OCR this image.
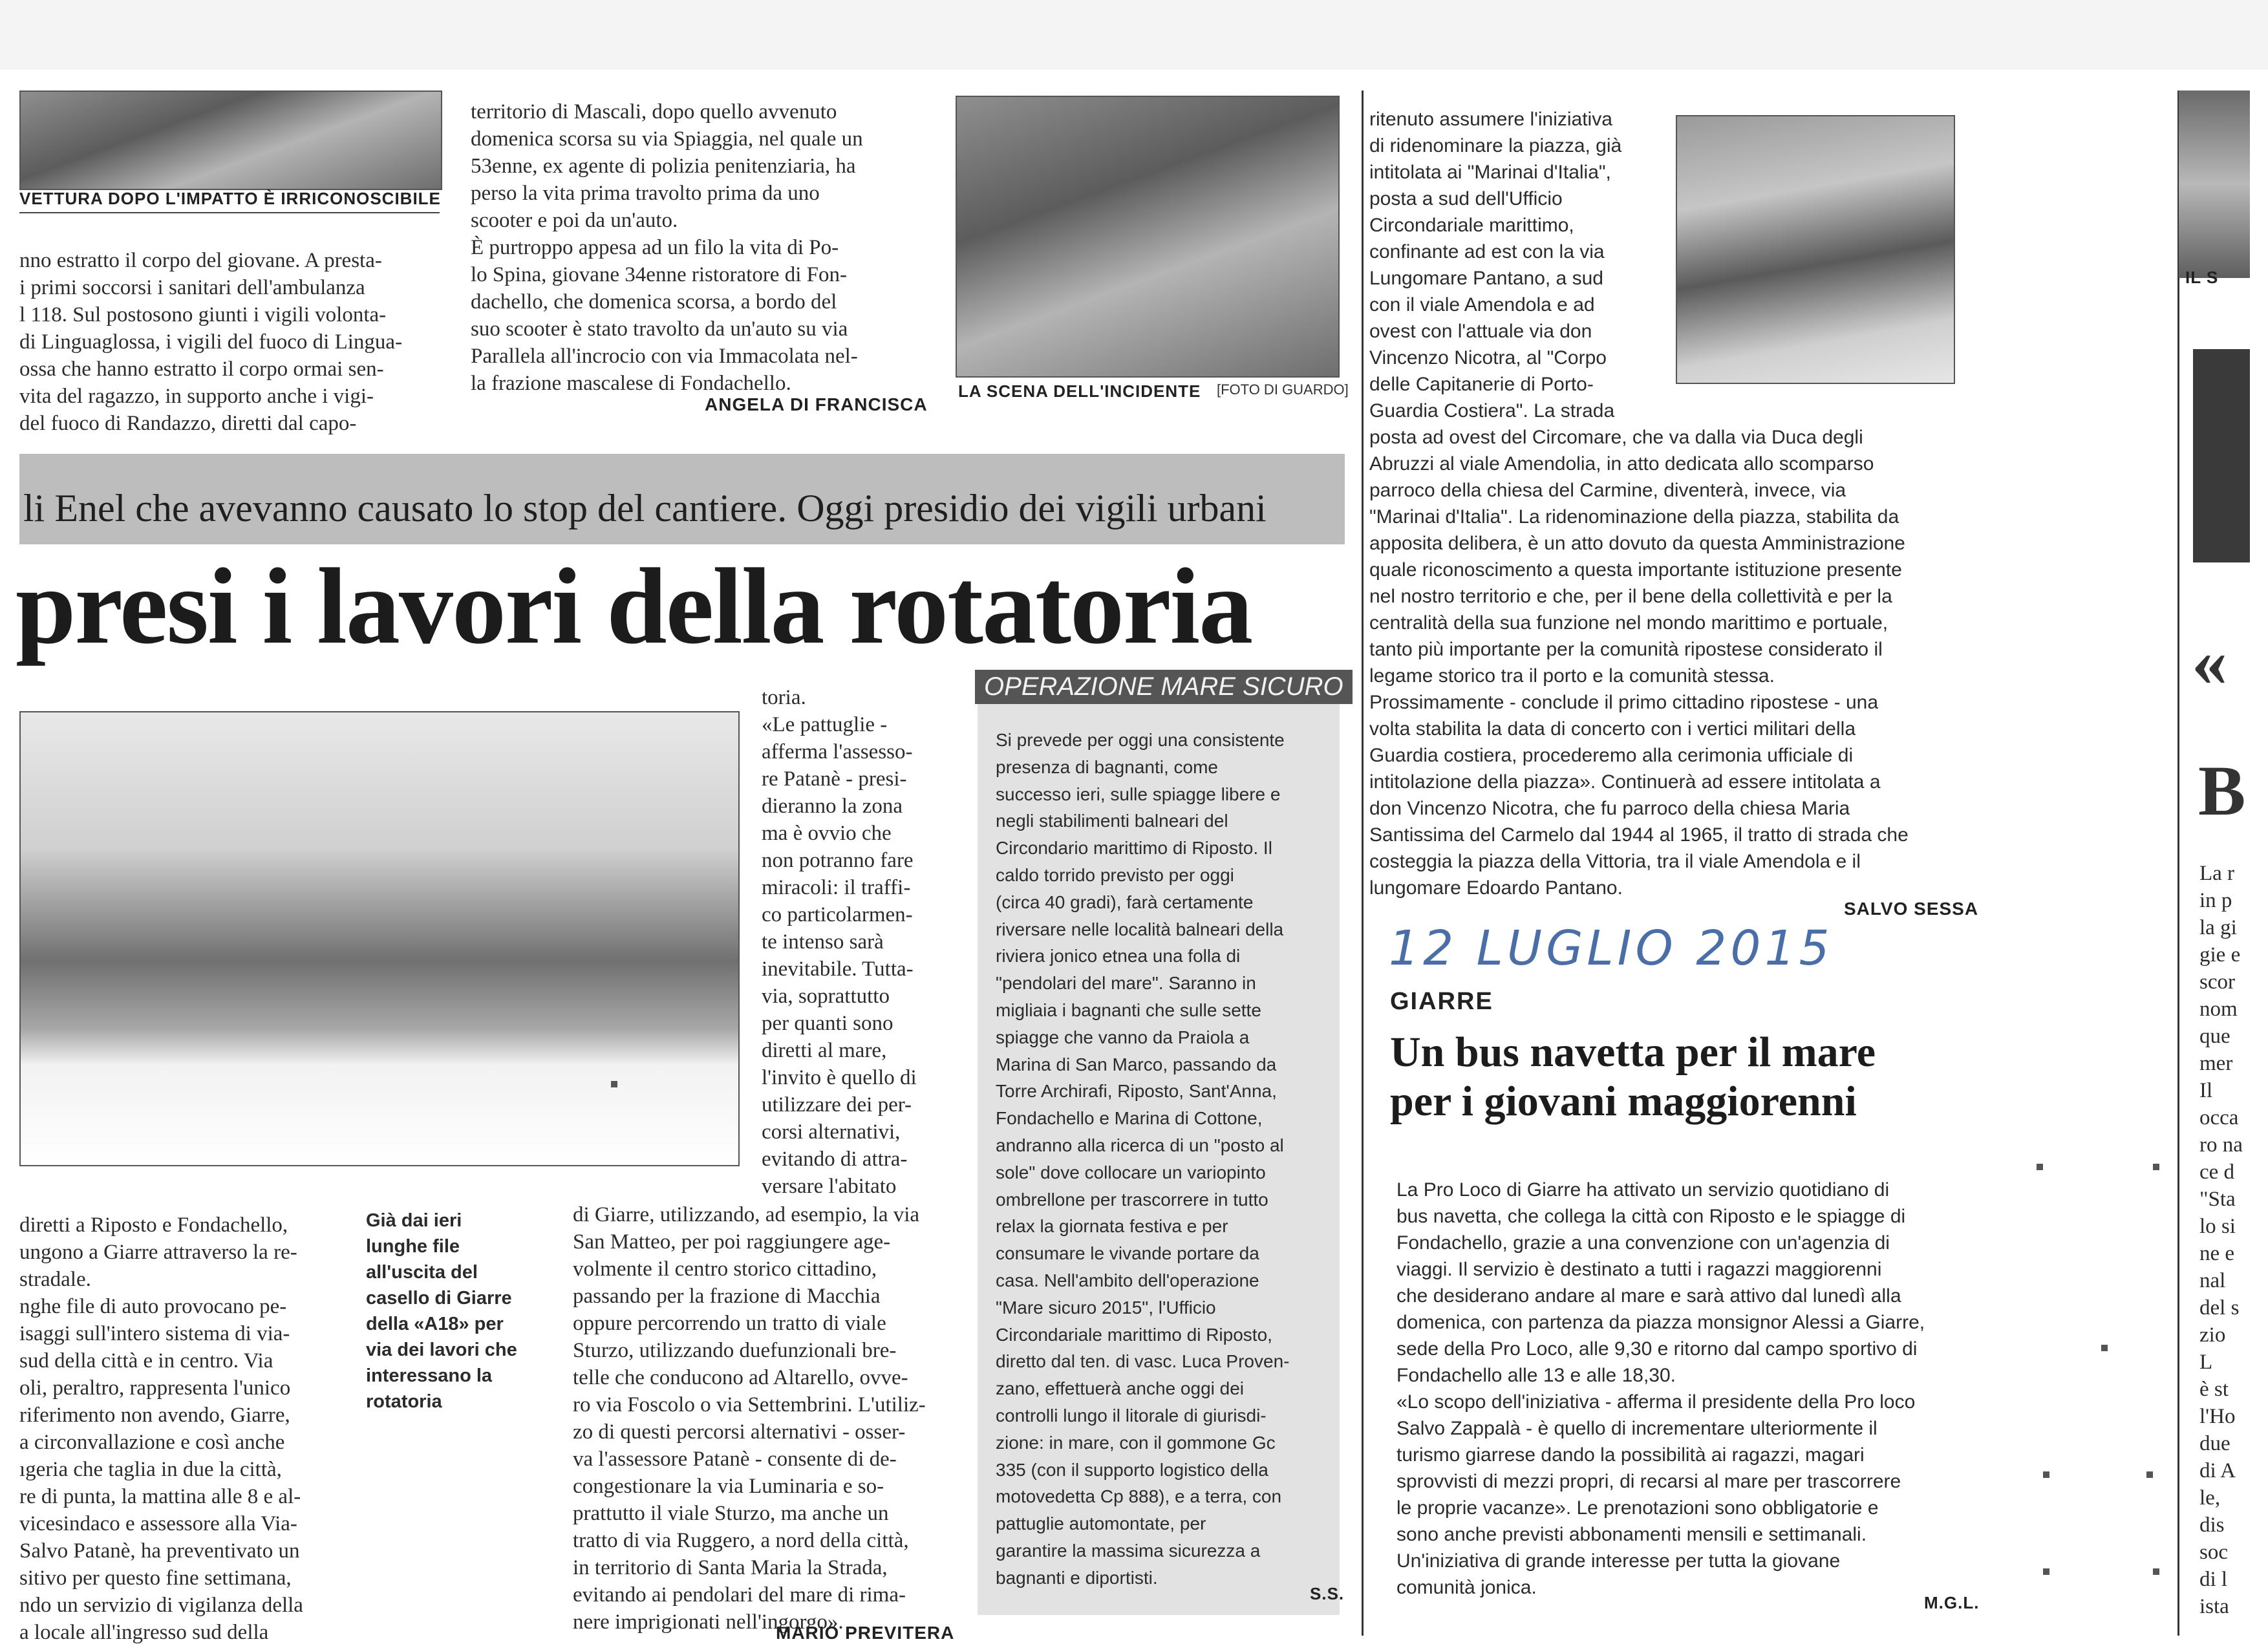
VETTURA DOPO L'IMPATTO È IRRICONOSCIBILE
nno estratto il corpo del giovane. A presta-
i primi soccorsi i sanitari dell'ambulanza
l 118. Sul postosono giunti i vigili volonta-
di Linguaglossa, i vigili del fuoco di Lingua-
ossa che hanno estratto il corpo ormai sen-
vita del ragazzo, in supporto anche i vigi-
del fuoco di Randazzo, diretti dal capo-
territorio di Mascali, dopo quello avvenuto
domenica scorsa su via Spiaggia, nel quale un
53enne, ex agente di polizia penitenziaria, ha
perso la vita prima travolto prima da uno
scooter e poi da un'auto.
È purtroppo appesa ad un filo la vita di Po-
lo Spina, giovane 34enne ristoratore di Fon-
dachello, che domenica scorsa, a bordo del
suo scooter è stato travolto da un'auto su via
Parallela all'incrocio con via Immacolata nel-
la frazione mascalese di Fondachello.
ANGELA DI FRANCISCA
LA SCENA DELL'INCIDENTE [FOTO DI GUARDO]
li Enel che avevanno causato lo stop del cantiere. Oggi presidio dei vigili urbani
presi i lavori della rotatoria
toria.
«Le pattuglie -
afferma l'assesso-
re Patanè - presi-
dieranno la zona
ma è ovvio che
non potranno fare
miracoli: il traffi-
co particolarmen-
te intenso sarà
inevitabile. Tutta-
via, soprattutto
per quanti sono
diretti al mare,
l'invito è quello di
utilizzare dei per-
corsi alternativi,
evitando di attra-
versare l'abitato
di Giarre, utilizzando, ad esempio, la via
San Matteo, per poi raggiungere age-
volmente il centro storico cittadino,
passando per la frazione di Macchia
oppure percorrendo un tratto di viale
Sturzo, utilizzando duefunzionali bre-
telle che conducono ad Altarello, ovve-
ro via Foscolo o via Settembrini. L'utiliz-
zo di questi percorsi alternativi - osser-
va l'assessore Patanè - consente di de-
congestionare la via Luminaria e so-
prattutto il viale Sturzo, ma anche un
tratto di via Ruggero, a nord della città,
in territorio di Santa Maria la Strada,
evitando ai pendolari del mare di rima-
nere imprigionati nell'ingorgo».
MARIO PREVITERA
diretti a Riposto e Fondachello,
ungono a Giarre attraverso la re-
stradale.
nghe file di auto provocano pe-
isaggi sull'intero sistema di via-
sud della città e in centro. Via
oli, peraltro, rappresenta l'unico
riferimento non avendo, Giarre,
a circonvallazione e così anche
ıgeria che taglia in due la città,
re di punta, la mattina alle 8 e al-
vicesindaco e assessore alla Via-
Salvo Patanè, ha preventivato un
sitivo per questo fine settimana,
ndo un servizio di vigilanza della
a locale all'ingresso sud della
Già dai ieri
lunghe file
all'uscita del
casello di Giarre
della «A18» per
via dei lavori che
interessano la
rotatoria
OPERAZIONE MARE SICURO
Si prevede per oggi una consistente
presenza di bagnanti, come
successo ieri, sulle spiagge libere e
negli stabilimenti balneari del
Circondario marittimo di Riposto. Il
caldo torrido previsto per oggi
(circa 40 gradi), farà certamente
riversare nelle località balneari della
riviera jonico etnea una folla di
"pendolari del mare". Saranno in
migliaia i bagnanti che sulle sette
spiagge che vanno da Praiola a
Marina di San Marco, passando da
Torre Archirafi, Riposto, Sant'Anna,
Fondachello e Marina di Cottone,
andranno alla ricerca di un "posto al
sole" dove collocare un variopinto
ombrellone per trascorrere in tutto
relax la giornata festiva e per
consumare le vivande portare da
casa. Nell'ambito dell'operazione
"Mare sicuro 2015", l'Ufficio
Circondariale marittimo di Riposto,
diretto dal ten. di vasc. Luca Proven-
zano, effettuerà anche oggi dei
controlli lungo il litorale di giurisdi-
zione: in mare, con il gommone Gc
335 (con il supporto logistico della
motovedetta Cp 888), e a terra, con
pattuglie automontate, per
garantire la massima sicurezza a
bagnanti e diportisti.
S.S.
ritenuto assumere l'iniziativa
di ridenominare la piazza, già
intitolata ai "Marinai d'Italia",
posta a sud dell'Ufficio
Circondariale marittimo,
confinante ad est con la via
Lungomare Pantano, a sud
con il viale Amendola e ad
ovest con l'attuale via don
Vincenzo Nicotra, al "Corpo
delle Capitanerie di Porto-
Guardia Costiera". La strada
posta ad ovest del Circomare, che va dalla via Duca degli
Abruzzi al viale Amendolia, in atto dedicata allo scomparso
parroco della chiesa del Carmine, diventerà, invece, via
"Marinai d'Italia". La ridenominazione della piazza, stabilita da
apposita delibera, è un atto dovuto da questa Amministrazione
quale riconoscimento a questa importante istituzione presente
nel nostro territorio e che, per il bene della collettività e per la
centralità della sua funzione nel mondo marittimo e portuale,
tanto più importante per la comunità ripostese considerato il
legame storico tra il porto e la comunità stessa.
Prossimamente - conclude il primo cittadino ripostese - una
volta stabilita la data di concerto con i vertici militari della
Guardia costiera, procederemo alla cerimonia ufficiale di
intitolazione della piazza». Continuerà ad essere intitolata a
don Vincenzo Nicotra, che fu parroco della chiesa Maria
Santissima del Carmelo dal 1944 al 1965, il tratto di strada che
costeggia la piazza della Vittoria, tra il viale Amendola e il
lungomare Edoardo Pantano.
SALVO SESSA
12 LUGLIO 2015
GIARRE
Un bus navetta per il mare
per i giovani maggiorenni
La Pro Loco di Giarre ha attivato un servizio quotidiano di
bus navetta, che collega la città con Riposto e le spiagge di
Fondachello, grazie a una convenzione con un'agenzia di
viaggi. Il servizio è destinato a tutti i ragazzi maggiorenni
che desiderano andare al mare e sarà attivo dal lunedì alla
domenica, con partenza da piazza monsignor Alessi a Giarre,
sede della Pro Loco, alle 9,30 e ritorno dal campo sportivo di
Fondachello alle 13 e alle 18,30.
«Lo scopo dell'iniziativa - afferma il presidente della Pro loco
Salvo Zappalà - è quello di incrementare ulteriormente il
turismo giarrese dando la possibilità ai ragazzi, magari
sprovvisti di mezzi propri, di recarsi al mare per trascorrere
le proprie vacanze». Le prenotazioni sono obbligatorie e
sono anche previsti abbonamenti mensili e settimanali.
Un'iniziativa di grande interesse per tutta la giovane
comunità jonica.
M.G.L.
IL S
«
B
La r
in p
la gi
gie e
scor
nom
que
mer
Il
occa
ro na
ce d
"Sta
lo si
ne e
nal
del s
zio
L
è st
l'Ho
due
di A
le,
dis
soc
di l
ista
